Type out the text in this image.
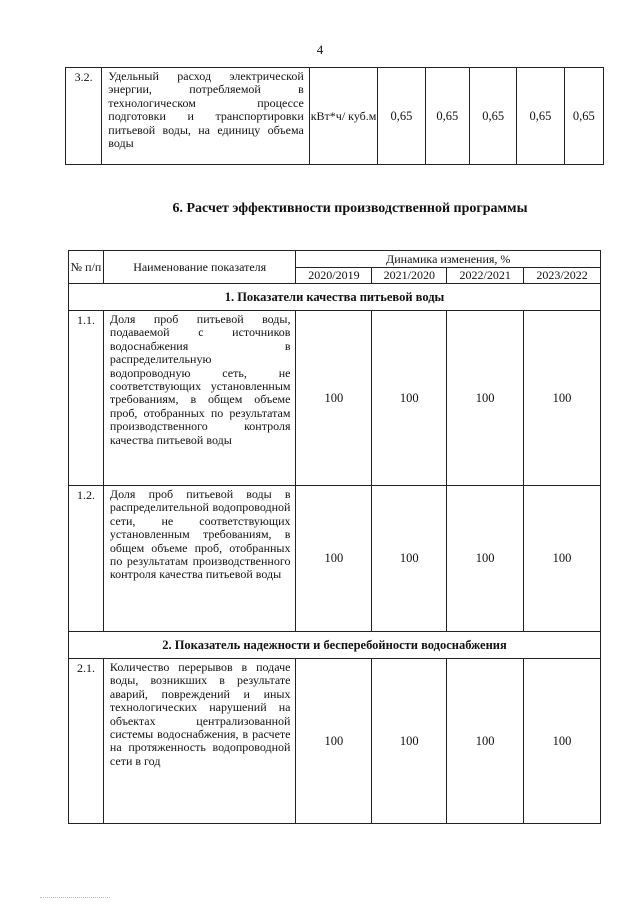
4
3.2.	Удельный расход электрической энергии, потребляемой в технологическом процессе подготовки и транспортировки питьевой воды, на единицу объема воды	кВт*ч/ куб.м	0,65	0,65	0,65	0,65	0,65
6. Расчет эффективности производственной программы
№ п/п	Наименование показателя	Динамика изменения, %			
		2020/2019	2021/2020	2022/2021	2023/2022
1. Показатели качества питьевой воды					
1.1.	Доля проб питьевой воды, подаваемой с источников водоснабжения в распределительную водопроводную сеть, не соответствующих установленным требованиям, в общем объеме проб, отобранных по результатам производственного контроля качества питьевой воды	100	100	100	100
1.2.	Доля проб питьевой воды в распределительной водопроводной сети, не соответствующих установленным требованиям, в общем объеме проб, отобранных по результатам производственного контроля качества питьевой воды	100	100	100	100
2. Показатель надежности и бесперебойности водоснабжения					
2.1.	Количество перерывов в подаче воды, возникших в результате аварий, повреждений и иных технологических нарушений на объектах централизованной системы водоснабжения, в расчете на протяженность водопроводной сети в год	100	100	100	100
